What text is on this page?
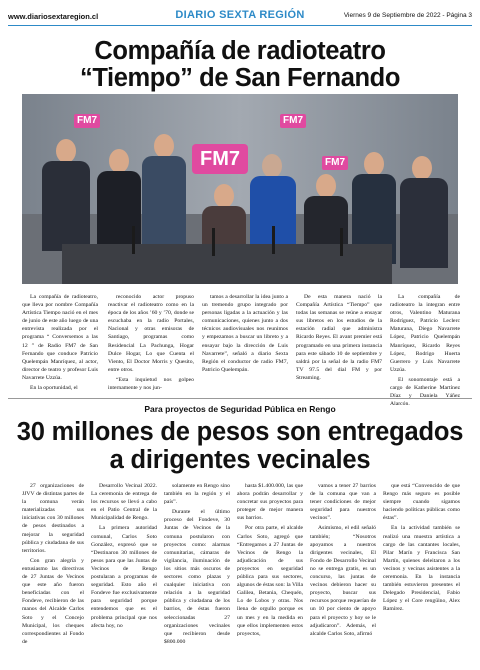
www.diariosextaregion.cl	DIARIO SEXTA REGIÓN	Viernes 9 de Septiembre de 2022 - Página 3
Compañía de radioteatro
“Tiempo” de San Fernando
FM7	FM7
FM7	FM7

La compañía de radioteatro, que lleva por nombre Compañía Artística Tiempo nació en el mes de junio de este año luego de una entrevista realizada por el programa “ Conversemos a las 12 ” de Radio FM7 de San Fernando que conduce Patricio Quelempán Manríquez, al actor, director de teatro y profesor Luis Navarrete Uzzúa.

En la oportunidad, el

reconocido actor propuso reactivar el radioteatro como en la época de los años ’60 y ’70, donde se escuchaba en la radio Portales, Nacional y otras emisoras de Santiago, programas como Residencial La Pachunga, Hogar Dulce Hogar, Lo que Cuenta el Viento, El Doctor Morris y Quesito, entre otros.

“Esta inquietud nos golpeo internamente y nos jun-

tamos a desarrollar la idea junto a un tremendo grupo integrado por personas ligadas a la actuación y las comunicaciones, quienes junto a dos técnicos audiovisuales nos reunimos y empezamos a buscar un libreto y a ensayar bajo la dirección de Luis Navarrete”, señaló a diario Sexta Región el conductor de radio FM7, Patricio Quelempán.

De esta manera nació la Compañía Artística “Tiempo” que todas las semanas se reúne a ensayar sus libretos en los estudios de la estación radial que administra Ricardo Reyes. El avant premier está programado en una primera instancia para este sábado 10 de septiembre y saldrá por la señal de la radio FM7 TV 97.5 del dial FM y por Streaming.

La compañía de radioteatro la integran entre otros, Valentino Maturana Rodríguez, Patricio Leclerc Maturana, Diego Navarrete López, Patricio Quelempán Manríquez, Ricardo Reyes López, Rodrigo Huerta Guerrero y Luis Navarrete Uzzúa.

El sonomontaje está a cargo de Katherine Martínez Díaz y Daniela Yáñez Alarcón.

Para proyectos de Seguridad Pública en Rengo
30 millones de pesos son entregados
a dirigentes vecinales

27 organizaciones de JJVV de distintas partes de la comuna verán materializadas sus iniciativas con 30 millones de pesos destinados a mejorar la seguridad pública y ciudadana de sus territorios.

Con gran alegría y entusiasmo las directivas de 27 Juntas de Vecinos que este año fueron beneficiadas con el Fondeve, recibieron de las manos del Alcalde Carlos Soto y el Concejo Municipal, los cheques correspondientes al Fondo de

Desarrollo Vecinal 2022. La ceremonia de entrega de los recursos se llevó a cabo en el Patio Central de la Municipalidad de Rengo.

La primera autoridad comunal, Carlos Soto González, expresó que se “Destinaron 30 millones de pesos para que las Juntas de Vecinos de Rengo postularan a programas de seguridad. Esto año el Fondeve fue exclusivamente para seguridad porque entendemos que es el problema principal que nos afecta hoy, no

solamente en Rengo sino también en la región y el país”.

Durante el último proceso del Fondeve, 30 Juntas de Vecinos de la comuna postularon con proyectos como: alarmas comunitarias, cámaras de vigilancia, iluminación de los sitios más oscuros de sectores como plazas y cualquier iniciativa con relación a la seguridad pública y ciudadana de los barrios, de éstas fueron seleccionadas 27 organizaciones vecinales que recibieron desde $800.000

hasta $1.400.000, las que ahora podrán desarrollar y concretar sus proyectos para proteger de mejor manera sus barrios.

Por otra parte, el alcalde Carlos Soto, agregó que “Entregamos a 27 Juntas de Vecinos de Rengo la adjudicación de sus proyectos en seguridad pública para sus sectores, algunos de éstas son: la Villa Galilea, Betania, Chequén, Lo de Lobos y otras. Nos llena de orgullo porque es un mes y en la medida en que ellos implementen estos proyectos,

vamos a tener 27 barrios de la comuna que van a tener condiciones de mejor seguridad para nuestros vecinos”.

Asimismo, el edil señaló también; “Nosotros apoyamos a nuestros dirigentes vecinales, El Fondo de Desarrollo Vecinal no se entrega gratis, es un concurso, las juntas de vecinos debieron hacer su proyecto, buscar sus recursos porque requerían de un 10 por ciento de apoyo para el proyecto y hoy se le adjudicaron”. Además, el alcalde Carlos Soto, afirmó

que está “Convencido de que Rengo más seguro es posible siempre cuando sigamos haciendo políticas públicas como éstas”.

En la actividad también se realizó una muestra artística a cargo de las cantantes locales, Pilar Marín y Francisca San Martín, quienes deleitaron a los vecinos y vecinas asistentes a la ceremonia. En la instancia también estuvieron presentes el Delegado Presidencial, Fabio López y el Core rengüino, Alex Ramírez.
